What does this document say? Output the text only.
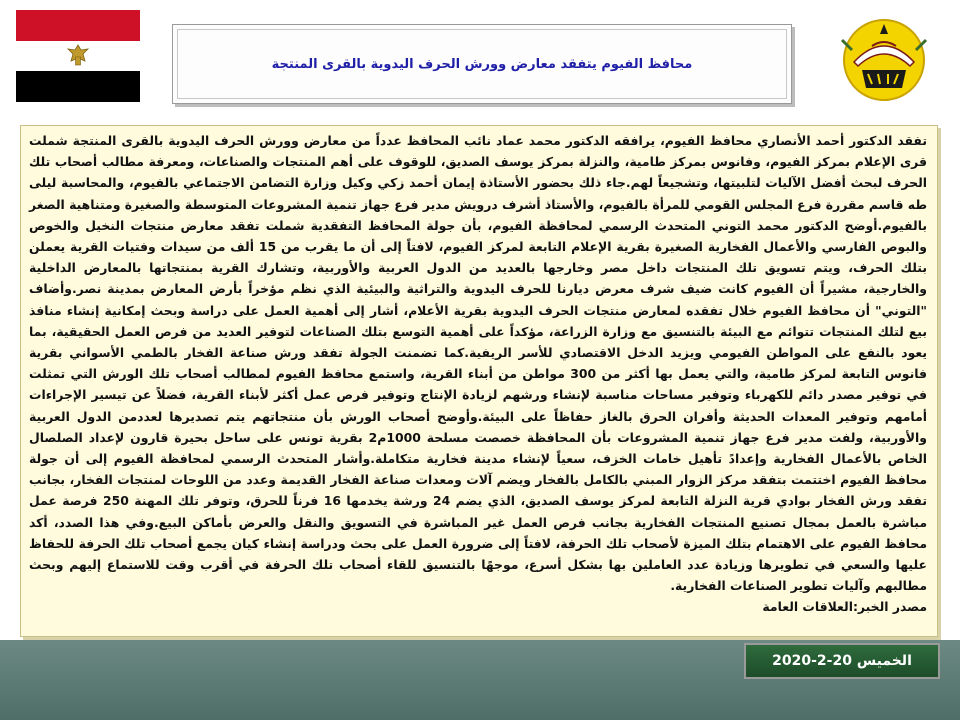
محافظ الفيوم يتفقد معارض وورش الحرف اليدوية بالقرى المنتجة

تفقد الدكتور أحمد الأنصاري محافظ الفيوم، يرافقه الدكتور محمد عماد نائب المحافظ عدداً من معارض وورش الحرف اليدوية بالقرى المنتجة شملت قرى الإعلام بمركز الفيوم، وفانوس بمركز طامية، والنزلة بمركز يوسف الصديق، للوقوف على أهم المنتجات والصناعات، ومعرفة مطالب أصحاب تلك الحرف لبحث أفضل الآليات لتلبيتها، وتشجيعاً لهم.جاء ذلك بحضور الأستاذة إيمان أحمد زكي وكيل وزارة التضامن الاجتماعي بالفيوم، والمحاسبة ليلى طه قاسم مقررة فرع المجلس القومي للمرأة بالفيوم، والأستاذ أشرف درويش مدير فرع جهاز تنمية المشروعات المتوسطة والصغيرة ومتناهية الصغر بالفيوم.أوضح الدكتور محمد التوني المتحدث الرسمي لمحافظة الفيوم، بأن جولة المحافظ التفقدية شملت تفقد معارض منتجات النخيل والخوص والبوص الفارسي والأعمال الفخارية الصغيرة بقرية الإعلام التابعة لمركز الفيوم، لافتاً إلى أن ما يقرب من 15 ألف من سيدات وفتيات القرية يعملن بتلك الحرف، ويتم تسويق تلك المنتجات داخل مصر وخارجها بالعديد من الدول العربية والأوربية، وتشارك القرية بمنتجاتها بالمعارض الداخلية والخارجية، مشيراً أن الفيوم كانت ضيف شرف معرض ديارنا للحرف اليدوية والتراثية والبيئية الذي نظم مؤخراً بأرض المعارض بمدينة نصر.وأضاف "التوني" أن محافظ الفيوم خلال تفقده لمعارض منتجات الحرف اليدوية بقرية الأعلام، أشار إلى أهمية العمل على دراسة وبحث إمكانية إنشاء منافذ بيع لتلك المنتجات تتوائم مع البيئة بالتنسيق مع وزارة الزراعة، مؤكداً على أهمية التوسع بتلك الصناعات لتوفير العديد من فرص العمل الحقيقية، بما يعود بالنفع على المواطن الفيومي ويزيد الدخل الاقتصادي للأسر الريفية.كما تضمنت الجولة تفقد ورش صناعة الفخار بالطمي الأسواني بقرية فانوس التابعة لمركز طامية، والتي يعمل بها أكثر من 300 مواطن من أبناء القرية، واستمع محافظ الفيوم لمطالب أصحاب تلك الورش التي تمثلت في توفير مصدر دائم للكهرباء وتوفير مساحات مناسبة لإنشاء ورشهم لزيادة الإنتاج وتوفير فرص عمل أكثر لأبناء القرية، فضلاً عن تيسير الإجراءات أمامهم وتوفير المعدات الحديثة وأفران الحرق بالغاز حفاظاً على البيئة.وأوضح أصحاب الورش بأن منتجاتهم يتم تصديرها لعددمن الدول العربية والأوربية، ولفت مدير فرع جهاز تنمية المشروعات بأن المحافظة خصصت مسلحة 1000م2 بقرية تونس على ساحل بحيرة قارون لإعداد الصلصال الخاص بالأعمال الفخارية وإعدادً تأهيل خامات الخزف، سعياً لإنشاء مدينة فخارية متكاملة.وأشار المتحدث الرسمي لمحافظة الفيوم إلى أن جولة محافظ الفيوم اختتمت بتفقد مركز الزوار المبني بالكامل بالفخار ويضم آلات ومعدات صناعة الفخار القديمة وعدد من اللوحات لمنتجات الفخار، بجانب تفقد ورش الفخار بوادي قرية النزلة التابعة لمركز يوسف الصديق، الذي يضم 24 ورشة يخدمها 16 فرناً للحرق، وتوفر تلك المهنة 250 فرصة عمل مباشرة بالعمل بمجال تصنيع المنتجات الفخارية بجانب فرص العمل غير المباشرة في التسويق والنقل والعرض بأماكن البيع.وفي هذا الصدد، أكد محافظ الفيوم على الاهتمام بتلك الميزة لأصحاب تلك الحرفة، لافتاً إلى ضرورة العمل على بحث ودراسة إنشاء كيان يجمع أصحاب تلك الحرفة للحفاظ عليها والسعي في تطويرها وزيادة عدد العاملين بها بشكل أسرع، موجهًا بالتنسيق للقاء أصحاب تلك الحرفة في أقرب وقت للاستماع إليهم وبحث مطالبهم وآليات تطوير الصناعات الفخارية.

مصدر الخبر:العلاقات العامة

الخميس 20-2-2020
